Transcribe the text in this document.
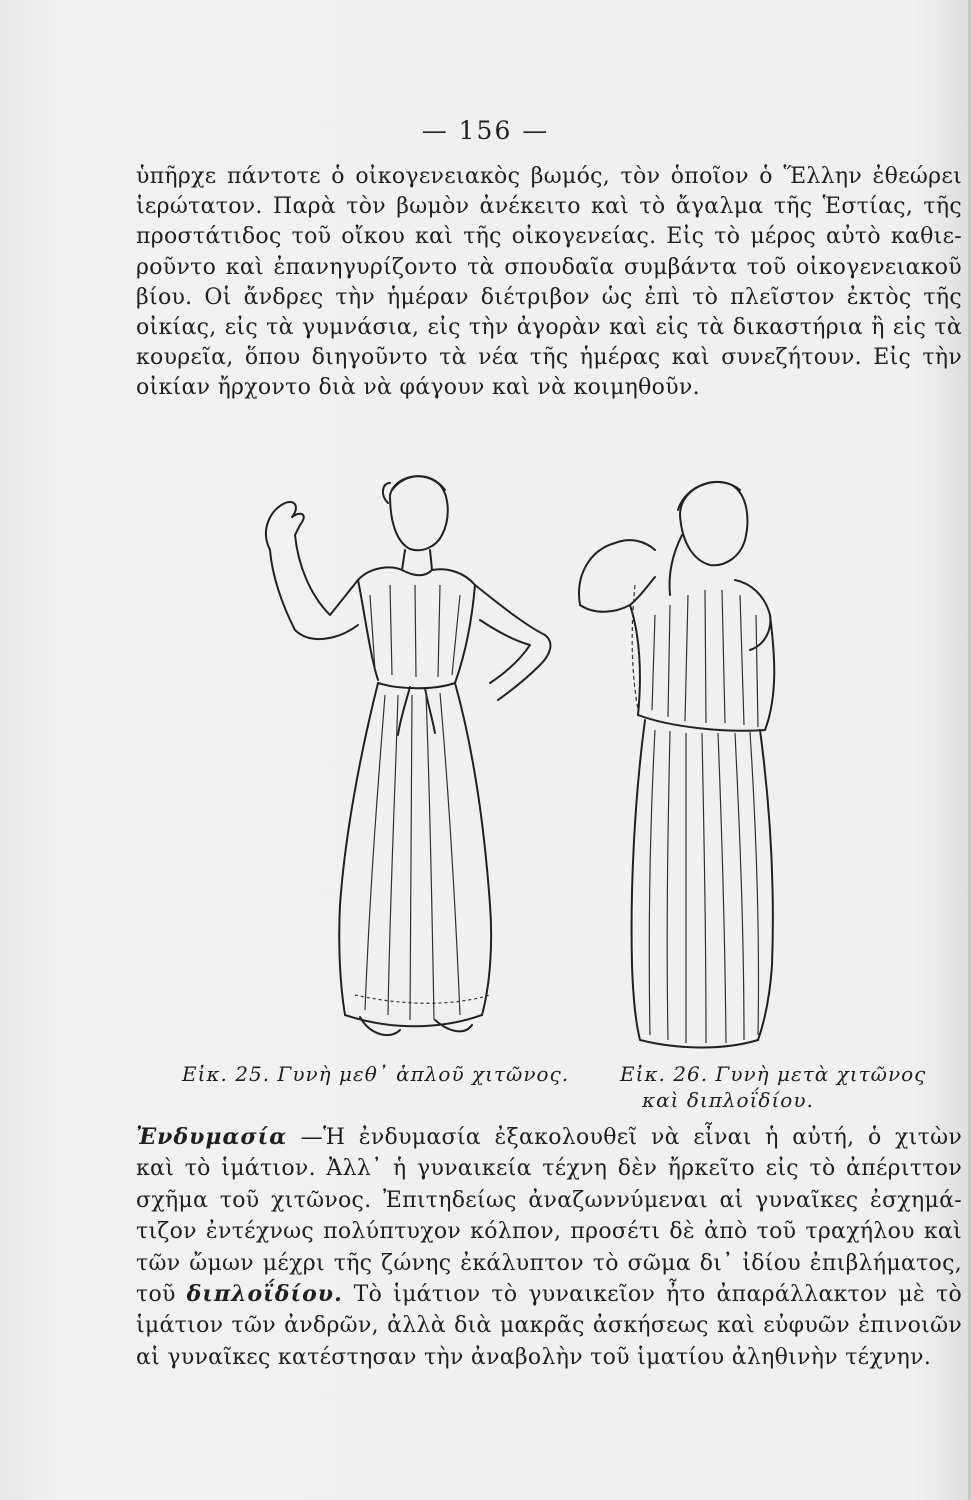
— 156 —
ὑπῆρχε πάντοτε ὁ οἰκογενειακὸς βωμός, τὸν ὁποῖον ὁ Ἕλλην ἐθεώρει
ἱερώτατον. Παρὰ τὸν βωμὸν ἀνέκειτο καὶ τὸ ἄγαλμα τῆς Ἑστίας, τῆς
προστάτιδος τοῦ οἴκου καὶ τῆς οἰκογενείας. Εἰς τὸ μέρος αὐτὸ καθιε-
ροῦντο καὶ ἐπανηγυρίζοντο τὰ σπουδαῖα συμβάντα τοῦ οἰκογενειακοῦ
βίου. Οἱ ἄνδρες τὴν ἡμέραν διέτριβον ὡς ἐπὶ τὸ πλεῖστον ἐκτὸς τῆς
οἰκίας, εἰς τὰ γυμνάσια, εἰς τὴν ἀγορὰν καὶ εἰς τὰ δικαστήρια ἢ εἰς τὰ
κουρεῖα, ὅπου διηγοῦντο τὰ νέα τῆς ἡμέρας καὶ συνεζήτουν. Εἰς τὴν
οἰκίαν ἤρχοντο διὰ νὰ φάγουν καὶ νὰ κοιμηθοῦν.
Εἰκ. 25. Γυνὴ μεθ᾽ ἁπλοῦ χιτῶνος.	Εἰκ. 26. Γυνὴ μετὰ χιτῶνος
καὶ διπλοΐδίου.
Ἐνδυμασία —Ἡ ἐνδυμασία ἐξακολουθεῖ νὰ εἶναι ἡ αὐτή, ὁ χιτὼν
καὶ τὸ ἱμάτιον. Ἀλλ᾽ ἡ γυναικεία τέχνη δὲν ἤρκεῖτο εἰς τὸ ἀπέριττον
σχῆμα τοῦ χιτῶνος. Ἐπιτηδείως ἀναζωννύμεναι αἱ γυναῖκες ἐσχημά-
τιζον ἐντέχνως πολύπτυχον κόλπον, προσέτι δὲ ἀπὸ τοῦ τραχήλου καὶ
τῶν ὤμων μέχρι τῆς ζώνης ἐκάλυπτον τὸ σῶμα δι᾽ ἰδίου ἐπιβλήματος,
τοῦ διπλοΐδίου. Τὸ ἱμάτιον τὸ γυναικεῖον ἦτο ἀπαράλλακτον μὲ τὸ
ἱμάτιον τῶν ἀνδρῶν, ἀλλὰ διὰ μακρᾶς ἀσκήσεως καὶ εὐφυῶν ἐπινοιῶν
αἱ γυναῖκες κατέστησαν τὴν ἀναβολὴν τοῦ ἱματίου ἀληθινὴν τέχνην.
